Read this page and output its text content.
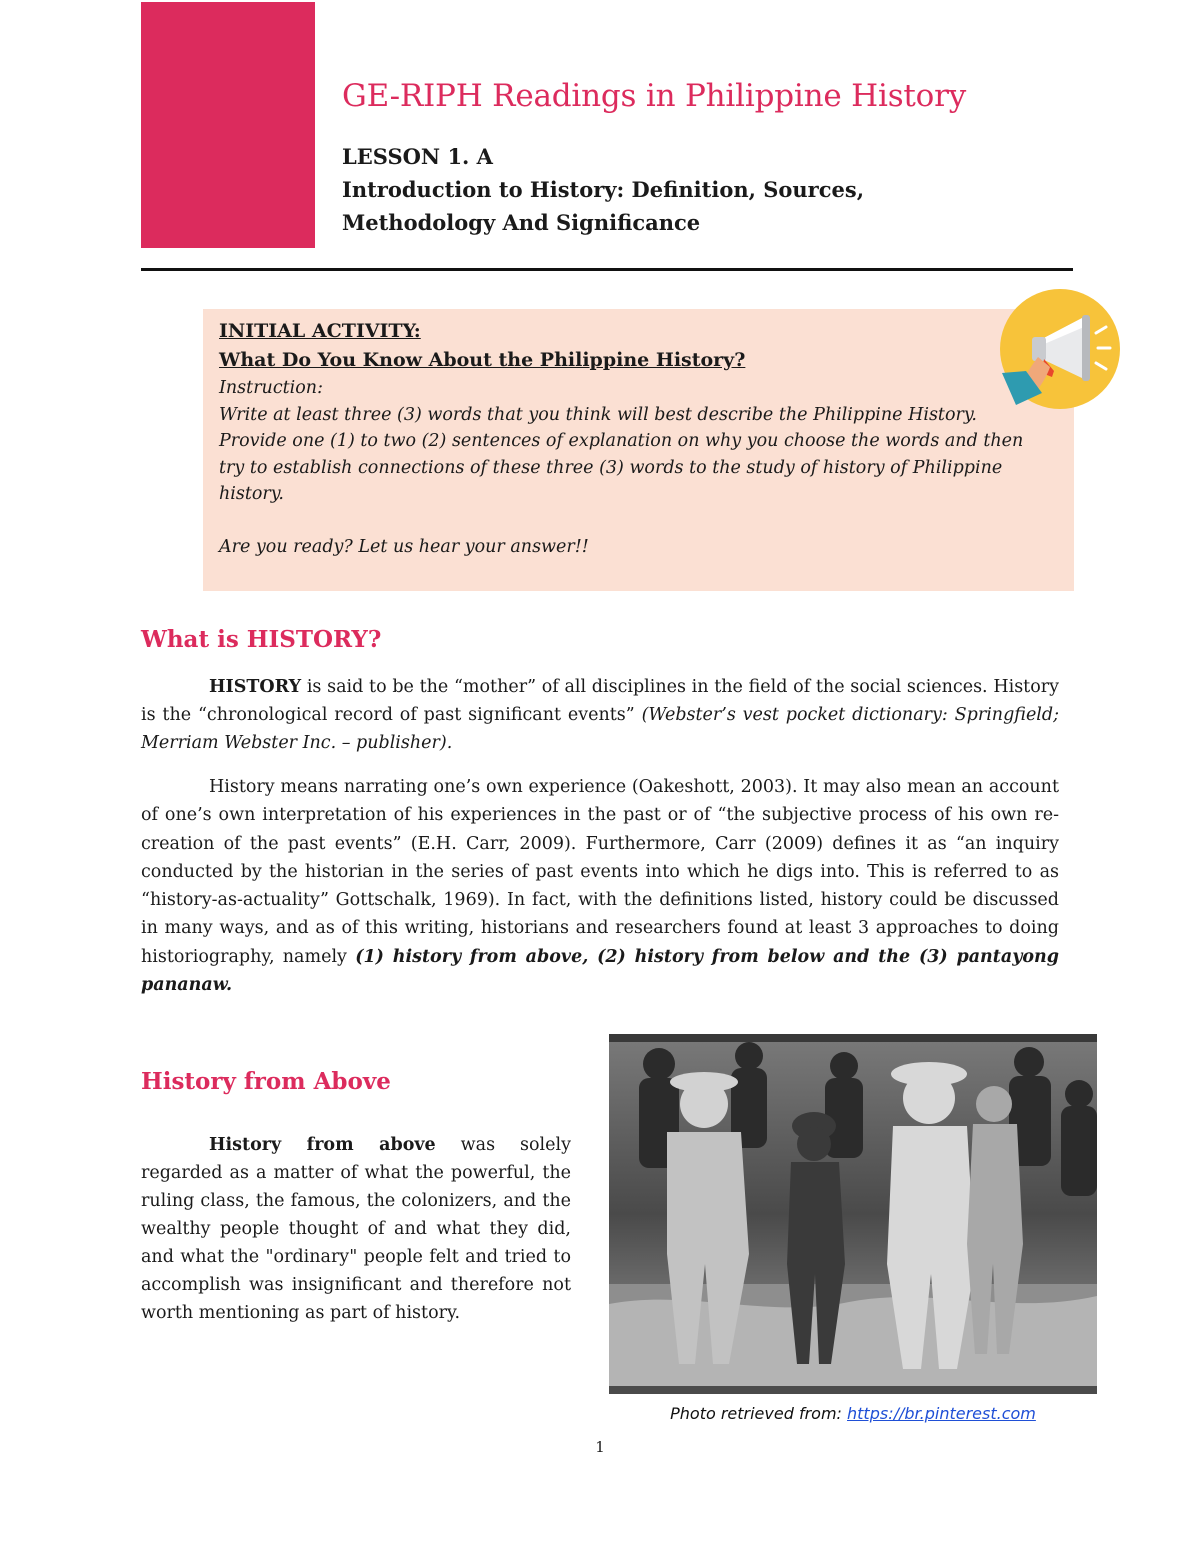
GE-RIPH Readings in Philippine History
LESSON 1. A
Introduction to History: Definition, Sources,
Methodology And Significance
INITIAL ACTIVITY:
What Do You Know About the Philippine History?
Instruction:
Write at least three (3) words that you think will best describe the Philippine History. Provide one (1) to two (2) sentences of explanation on why you choose the words and then try to establish connections of these three (3) words to the study of history of Philippine history.
Are you ready? Let us hear your answer!!
What is HISTORY?
HISTORY is said to be the “mother” of all disciplines in the field of the social sciences. History is the “chronological record of past significant events” (Webster’s vest pocket dictionary: Springfield; Merriam Webster Inc. – publisher).
History means narrating one’s own experience (Oakeshott, 2003). It may also mean an account of one’s own interpretation of his experiences in the past or of “the subjective process of his own re-creation of the past events” (E.H. Carr, 2009). Furthermore, Carr (2009) defines it as “an inquiry conducted by the historian in the series of past events into which he digs into. This is referred to as “history-as-actuality” Gottschalk, 1969). In fact, with the definitions listed, history could be discussed in many ways, and as of this writing, historians and researchers found at least 3 approaches to doing historiography, namely (1) history from above, (2) history from below and the (3) pantayong pananaw.
History from Above
History from above was solely regarded as a matter of what the powerful, the ruling class, the famous, the colonizers, and the wealthy people thought of and what they did, and what the "ordinary" people felt and tried to accomplish was insignificant and therefore not worth mentioning as part of history.
Photo retrieved from: https://br.pinterest.com
1
